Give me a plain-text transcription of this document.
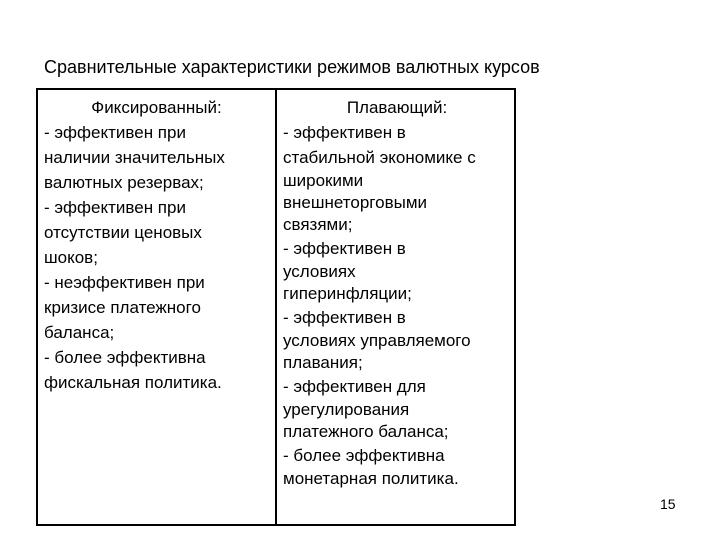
Сравнительные характеристики режимов валютных курсов
Фиксированный:
- эффективен при
наличии значительных
валютных резервах;
- эффективен при
отсутствии ценовых
шоков;
- неэффективен при
кризисе платежного
баланса;
- более эффективна
фискальная политика.
Плавающий:
- эффективен в
стабильной экономике с
широкими
внешнеторговыми
связями;
- эффективен в
условиях
гиперинфляции;
- эффективен в
условиях управляемого
плавания;
- эффективен для
урегулирования
платежного баланса;
- более эффективна
монетарная политика.
15
